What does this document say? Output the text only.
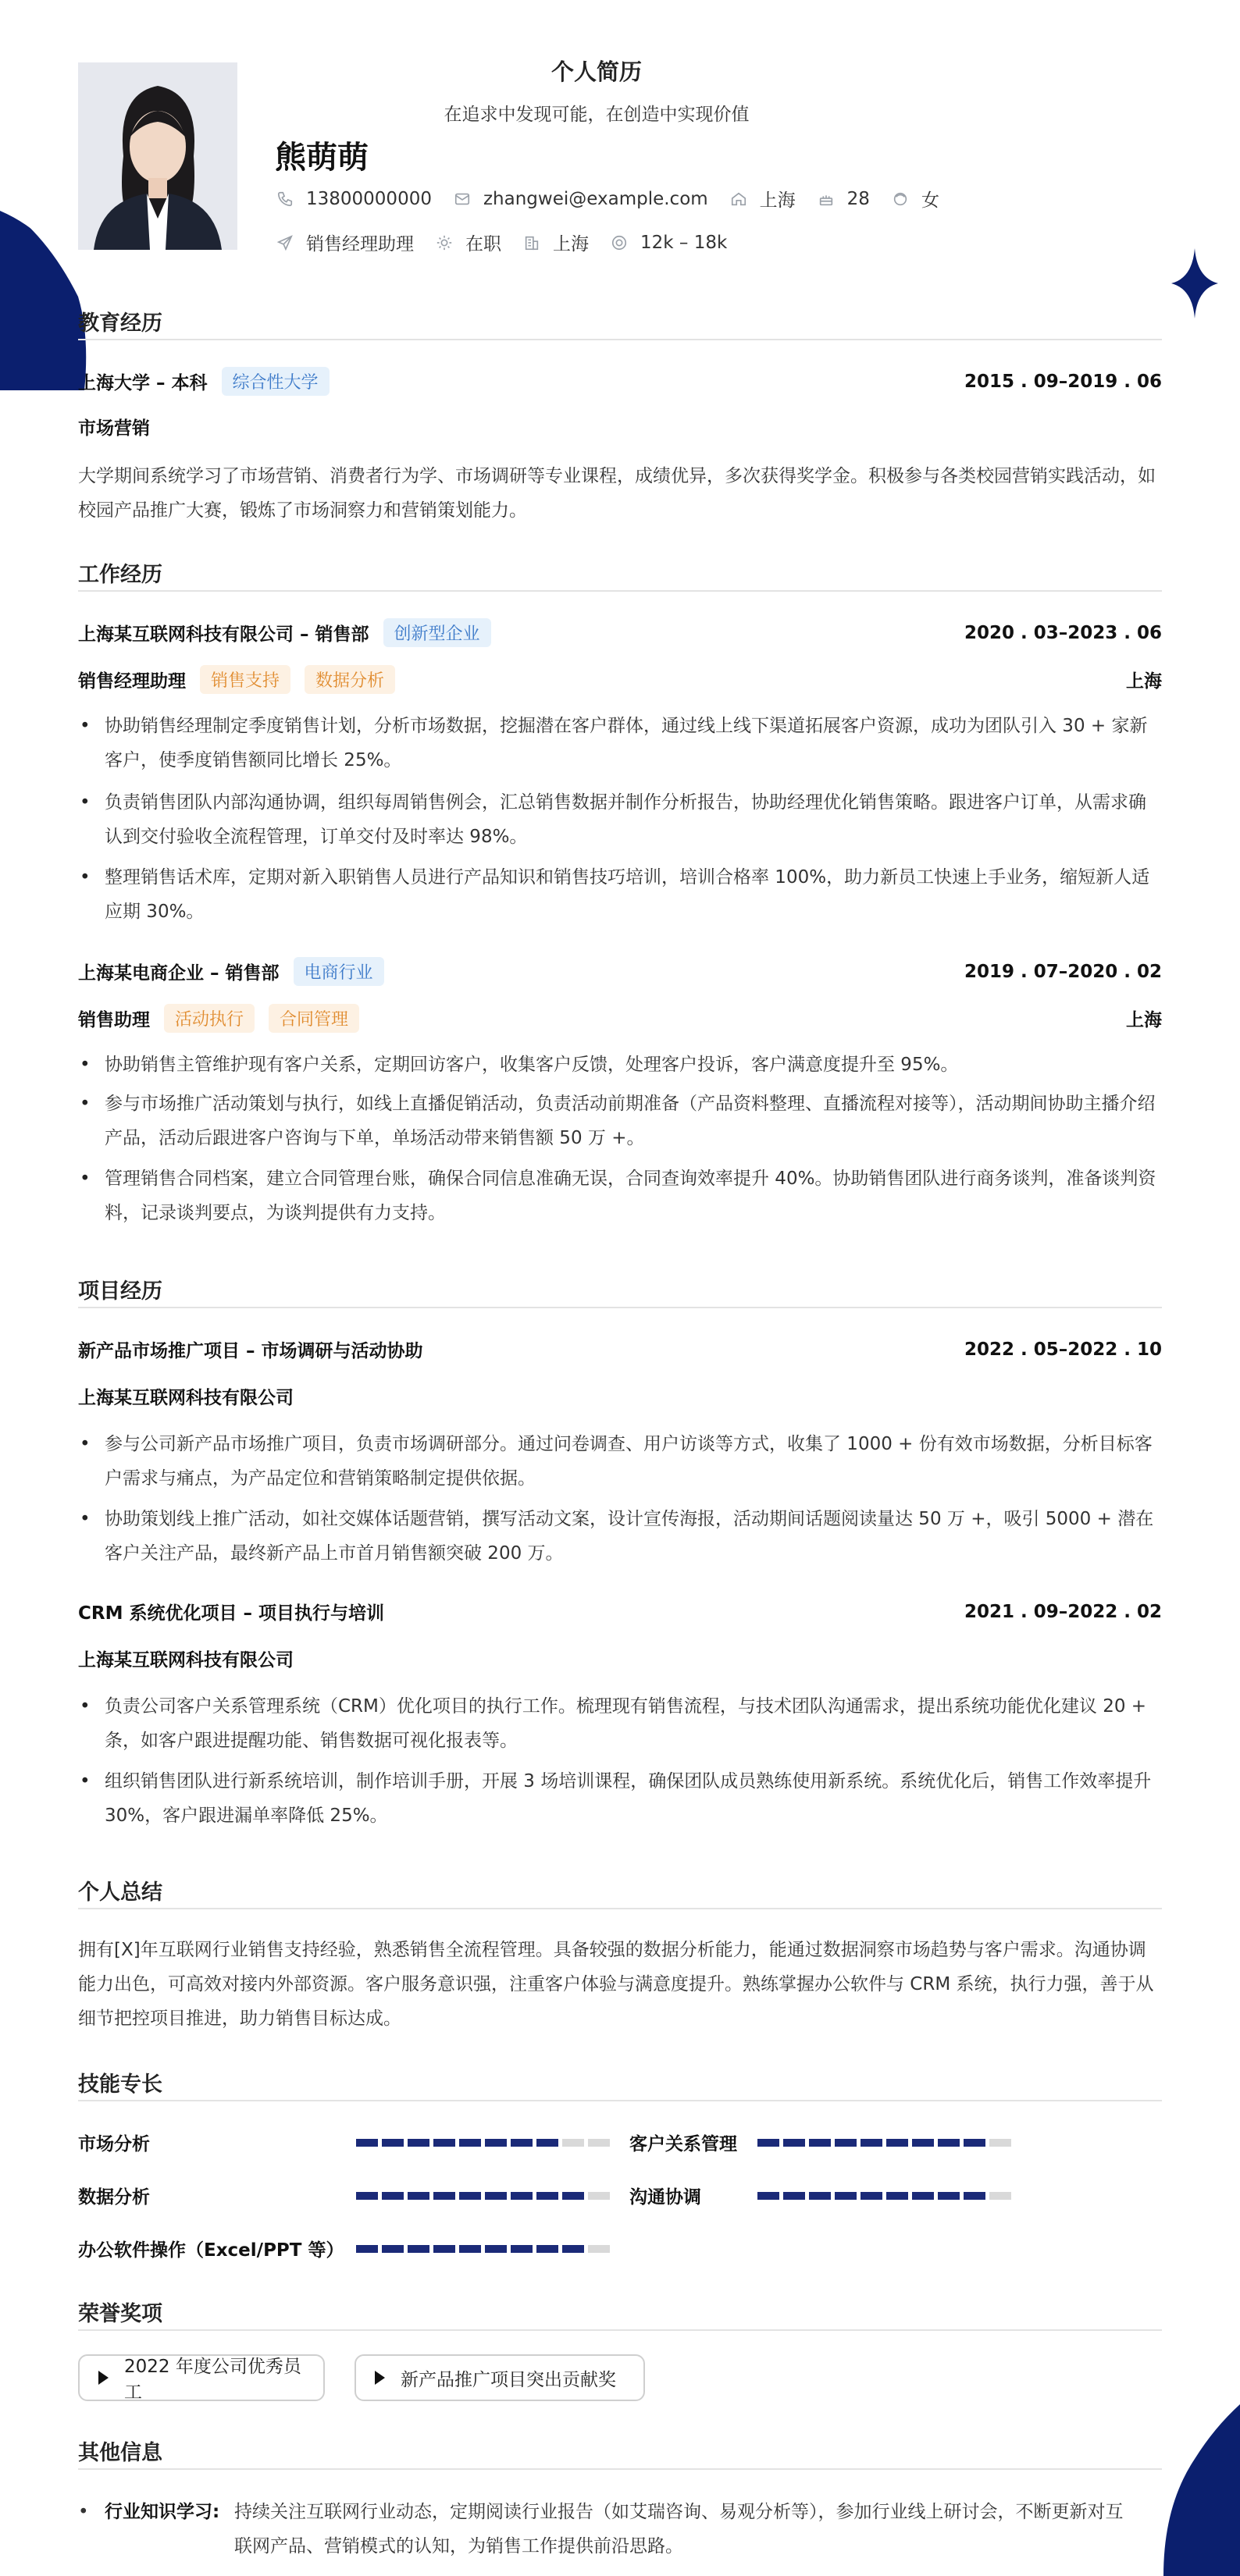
个人简历
在追求中发现可能，在创造中实现价值
熊萌萌
13800000000	zhangwei@example.com	上海	28	女
销售经理助理	在职	上海	12k – 18k
教育经历
上海大学 – 本科	综合性大学	2015 . 09–2019 . 06
市场营销
大学期间系统学习了市场营销、消费者行为学、市场调研等专业课程，成绩优异，多次获得奖学金。积极参与各类校园营销实践活动，如校园产品推广大赛，锻炼了市场洞察力和营销策划能力。
工作经历
上海某互联网科技有限公司 – 销售部	创新型企业	2020 . 03–2023 . 06
销售经理助理	销售支持	数据分析	上海
• 协助销售经理制定季度销售计划，分析市场数据，挖掘潜在客户群体，通过线上线下渠道拓展客户资源，成功为团队引入 30 + 家新客户，使季度销售额同比增长 25%。
• 负责销售团队内部沟通协调，组织每周销售例会，汇总销售数据并制作分析报告，协助经理优化销售策略。跟进客户订单，从需求确认到交付验收全流程管理，订单交付及时率达 98%。
• 整理销售话术库，定期对新入职销售人员进行产品知识和销售技巧培训，培训合格率 100%，助力新员工快速上手业务，缩短新人适应期 30%。
上海某电商企业 – 销售部	电商行业	2019 . 07–2020 . 02
销售助理	活动执行	合同管理	上海
• 协助销售主管维护现有客户关系，定期回访客户，收集客户反馈，处理客户投诉，客户满意度提升至 95%。
• 参与市场推广活动策划与执行，如线上直播促销活动，负责活动前期准备（产品资料整理、直播流程对接等），活动期间协助主播介绍产品，活动后跟进客户咨询与下单，单场活动带来销售额 50 万 +。
• 管理销售合同档案，建立合同管理台账，确保合同信息准确无误，合同查询效率提升 40%。协助销售团队进行商务谈判，准备谈判资料，记录谈判要点，为谈判提供有力支持。
项目经历
新产品市场推广项目 – 市场调研与活动协助	2022 . 05–2022 . 10
上海某互联网科技有限公司
• 参与公司新产品市场推广项目，负责市场调研部分。通过问卷调查、用户访谈等方式，收集了 1000 + 份有效市场数据，分析目标客户需求与痛点，为产品定位和营销策略制定提供依据。
• 协助策划线上推广活动，如社交媒体话题营销，撰写活动文案，设计宣传海报，活动期间话题阅读量达 50 万 +，吸引 5000 + 潜在客户关注产品，最终新产品上市首月销售额突破 200 万。
CRM 系统优化项目 – 项目执行与培训	2021 . 09–2022 . 02
上海某互联网科技有限公司
• 负责公司客户关系管理系统（CRM）优化项目的执行工作。梳理现有销售流程，与技术团队沟通需求，提出系统功能优化建议 20 + 条，如客户跟进提醒功能、销售数据可视化报表等。
• 组织销售团队进行新系统培训，制作培训手册，开展 3 场培训课程，确保团队成员熟练使用新系统。系统优化后，销售工作效率提升 30%，客户跟进漏单率降低 25%。
个人总结
拥有[X]年互联网行业销售支持经验，熟悉销售全流程管理。具备较强的数据分析能力，能通过数据洞察市场趋势与客户需求。沟通协调能力出色，可高效对接内外部资源。客户服务意识强，注重客户体验与满意度提升。熟练掌握办公软件与 CRM 系统，执行力强，善于从细节把控项目推进，助力销售目标达成。
技能专长
市场分析	客户关系管理
数据分析	沟通协调
办公软件操作（Excel/PPT 等）
荣誉奖项
2022 年度公司优秀员工
新产品推广项目突出贡献奖
其他信息
• 行业知识学习: 持续关注互联网行业动态，定期阅读行业报告（如艾瑞咨询、易观分析等），参加行业线上研讨会，不断更新对互
联网产品、营销模式的认知，为销售工作提供前沿思路。
